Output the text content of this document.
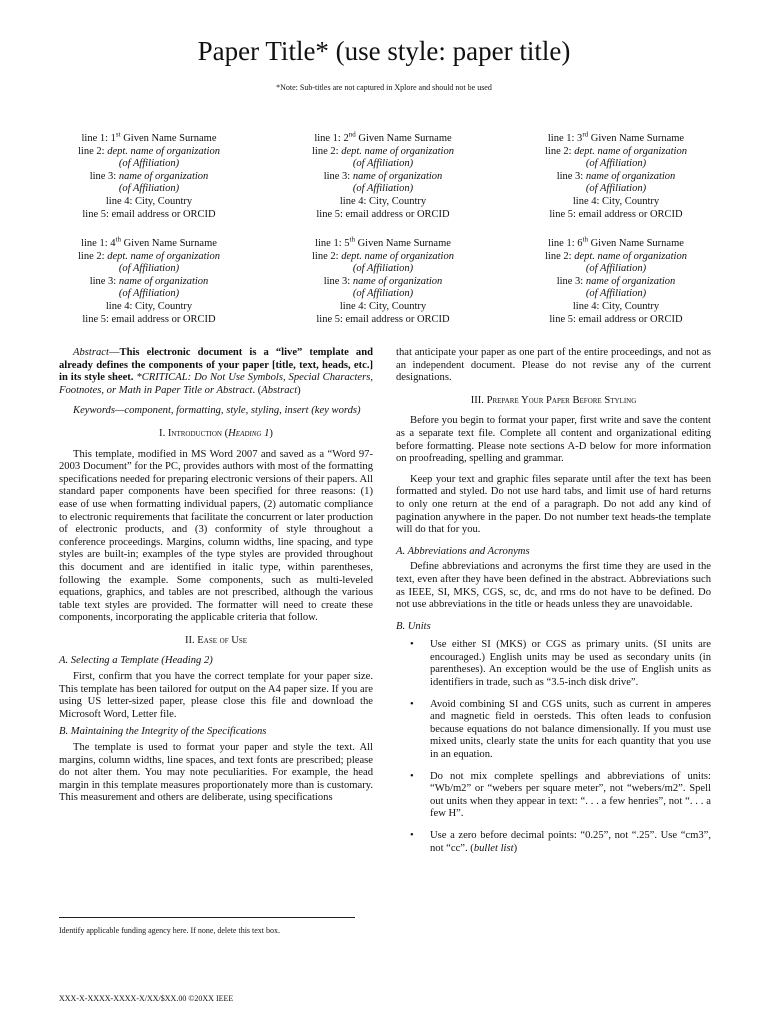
Paper Title* (use style: paper title)
*Note: Sub-titles are not captured in Xplore and should not be used
line 1: 1st Given Name Surname
line 2: dept. name of organization
(of Affiliation)
line 3: name of organization
(of Affiliation)
line 4: City, Country
line 5: email address or ORCID
line 1: 2nd Given Name Surname
line 2: dept. name of organization
(of Affiliation)
line 3: name of organization
(of Affiliation)
line 4: City, Country
line 5: email address or ORCID
line 1: 3rd Given Name Surname
line 2: dept. name of organization
(of Affiliation)
line 3: name of organization
(of Affiliation)
line 4: City, Country
line 5: email address or ORCID
line 1: 4th Given Name Surname
line 2: dept. name of organization
(of Affiliation)
line 3: name of organization
(of Affiliation)
line 4: City, Country
line 5: email address or ORCID
line 1: 5th Given Name Surname
line 2: dept. name of organization
(of Affiliation)
line 3: name of organization
(of Affiliation)
line 4: City, Country
line 5: email address or ORCID
line 1: 6th Given Name Surname
line 2: dept. name of organization
(of Affiliation)
line 3: name of organization
(of Affiliation)
line 4: City, Country
line 5: email address or ORCID

Abstract—This electronic document is a “live” template and already defines the components of your paper [title, text, heads, etc.] in its style sheet. *CRITICAL: Do Not Use Symbols, Special Characters, Footnotes, or Math in Paper Title or Abstract. (Abstract)

Keywords—component, formatting, style, styling, insert (key words)

I. Introduction (Heading 1)

This template, modified in MS Word 2007 and saved as a “Word 97-2003 Document” for the PC, provides authors with most of the formatting specifications needed for preparing electronic versions of their papers. All standard paper components have been specified for three reasons: (1) ease of use when formatting individual papers, (2) automatic compliance to electronic requirements that facilitate the concurrent or later production of electronic products, and (3) conformity of style throughout a conference proceedings. Margins, column widths, line spacing, and type styles are built-in; examples of the type styles are provided throughout this document and are identified in italic type, within parentheses, following the example. Some components, such as multi-leveled equations, graphics, and tables are not prescribed, although the various table text styles are provided. The formatter will need to create these components, incorporating the applicable criteria that follow.

II. Ease of Use

A. Selecting a Template (Heading 2)

First, confirm that you have the correct template for your paper size. This template has been tailored for output on the A4 paper size. If you are using US letter-sized paper, please close this file and download the Microsoft Word, Letter file.

B. Maintaining the Integrity of the Specifications

The template is used to format your paper and style the text. All margins, column widths, line spaces, and text fonts are prescribed; please do not alter them. You may note peculiarities. For example, the head margin in this template measures proportionately more than is customary. This measurement and others are deliberate, using specifications

that anticipate your paper as one part of the entire proceedings, and not as an independent document. Please do not revise any of the current designations.

III. Prepare Your Paper Before Styling

Before you begin to format your paper, first write and save the content as a separate text file. Complete all content and organizational editing before formatting. Please note sections A-D below for more information on proofreading, spelling and grammar.

Keep your text and graphic files separate until after the text has been formatted and styled. Do not use hard tabs, and limit use of hard returns to only one return at the end of a paragraph. Do not add any kind of pagination anywhere in the paper. Do not number text heads-the template will do that for you.

A. Abbreviations and Acronyms

Define abbreviations and acronyms the first time they are used in the text, even after they have been defined in the abstract. Abbreviations such as IEEE, SI, MKS, CGS, sc, dc, and rms do not have to be defined. Do not use abbreviations in the title or heads unless they are unavoidable.

B. Units

• Use either SI (MKS) or CGS as primary units. (SI units are encouraged.) English units may be used as secondary units (in parentheses). An exception would be the use of English units as identifiers in trade, such as “3.5-inch disk drive”.
• Avoid combining SI and CGS units, such as current in amperes and magnetic field in oersteds. This often leads to confusion because equations do not balance dimensionally. If you must use mixed units, clearly state the units for each quantity that you use in an equation.
• Do not mix complete spellings and abbreviations of units: “Wb/m2” or “webers per square meter”, not “webers/m2”. Spell out units when they appear in text: “. . . a few henries”, not “. . . a few H”.
• Use a zero before decimal points: “0.25”, not “.25”. Use “cm3”, not “cc”. (bullet list)
Identify applicable funding agency here. If none, delete this text box.
XXX-X-XXXX-XXXX-X/XX/$XX.00 ©20XX IEEE
